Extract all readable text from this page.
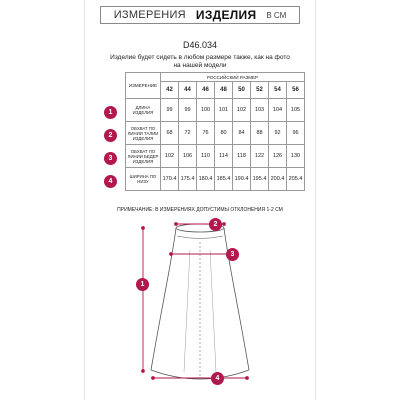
ИЗМЕРЕНИЯ ИЗДЕЛИЯ В СМ
D46.034
Изделие будет сидеть в любом размере также, как на фото на нашей модели
ИЗМЕРЕНИЕ	РОССИЙСКИЙ РАЗМЕР							
	42	44	46	48	50	52	54	56
ДЛИНА ИЗДЕЛИЯ	99	99	100	101	102	103	104	105
ОБХВАТ ПО ЛИНИИ ТАЛИИ ИЗДЕЛИЯ	68	72	76	80	84	88	92	96
ОБХВАТ ПО ЛИНИИ БЕДЕР ИЗДЕЛИЯ	102	106	110	114	118	122	126	130
ШИРИНА ПО НИЗУ	170.4	175.4	180.4	185.4	190.4	195.4	200.4	205.4
1
2
3
4
ПРИМЕЧАНИЕ: В ИЗМЕРЕНИЯХ ДОПУСТИМЫ ОТКЛОНЕНИЯ 1-2 СМ
1
2
3
4
